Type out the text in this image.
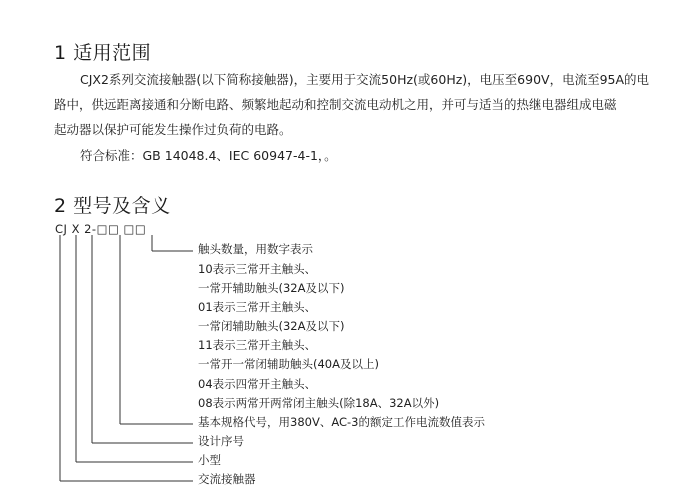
1 适用范围
CJX2系列交流接触器(以下简称接触器)，主要用于交流50Hz(或60Hz)，电压至690V，电流至95A的电
路中，供远距离接通和分断电路、频繁地起动和控制交流电动机之用，并可与适当的热继电器组成电磁
起动器以保护可能发生操作过负荷的电路。
符合标准：GB 14048.4、IEC 60947-4-1，。
2 型号及含义
CJ X 2-□□ □□
触头数量，用数字表示
10表示三常开主触头、
一常开辅助触头(32A及以下)
01表示三常开主触头、
一常闭辅助触头(32A及以下)
11表示三常开主触头、
一常开一常闭辅助触头(40A及以上)
04表示四常开主触头、
08表示两常开两常闭主触头(除18A、32A以外)
基本规格代号，用380V、AC-3的额定工作电流数值表示
设计序号
小型
交流接触器
